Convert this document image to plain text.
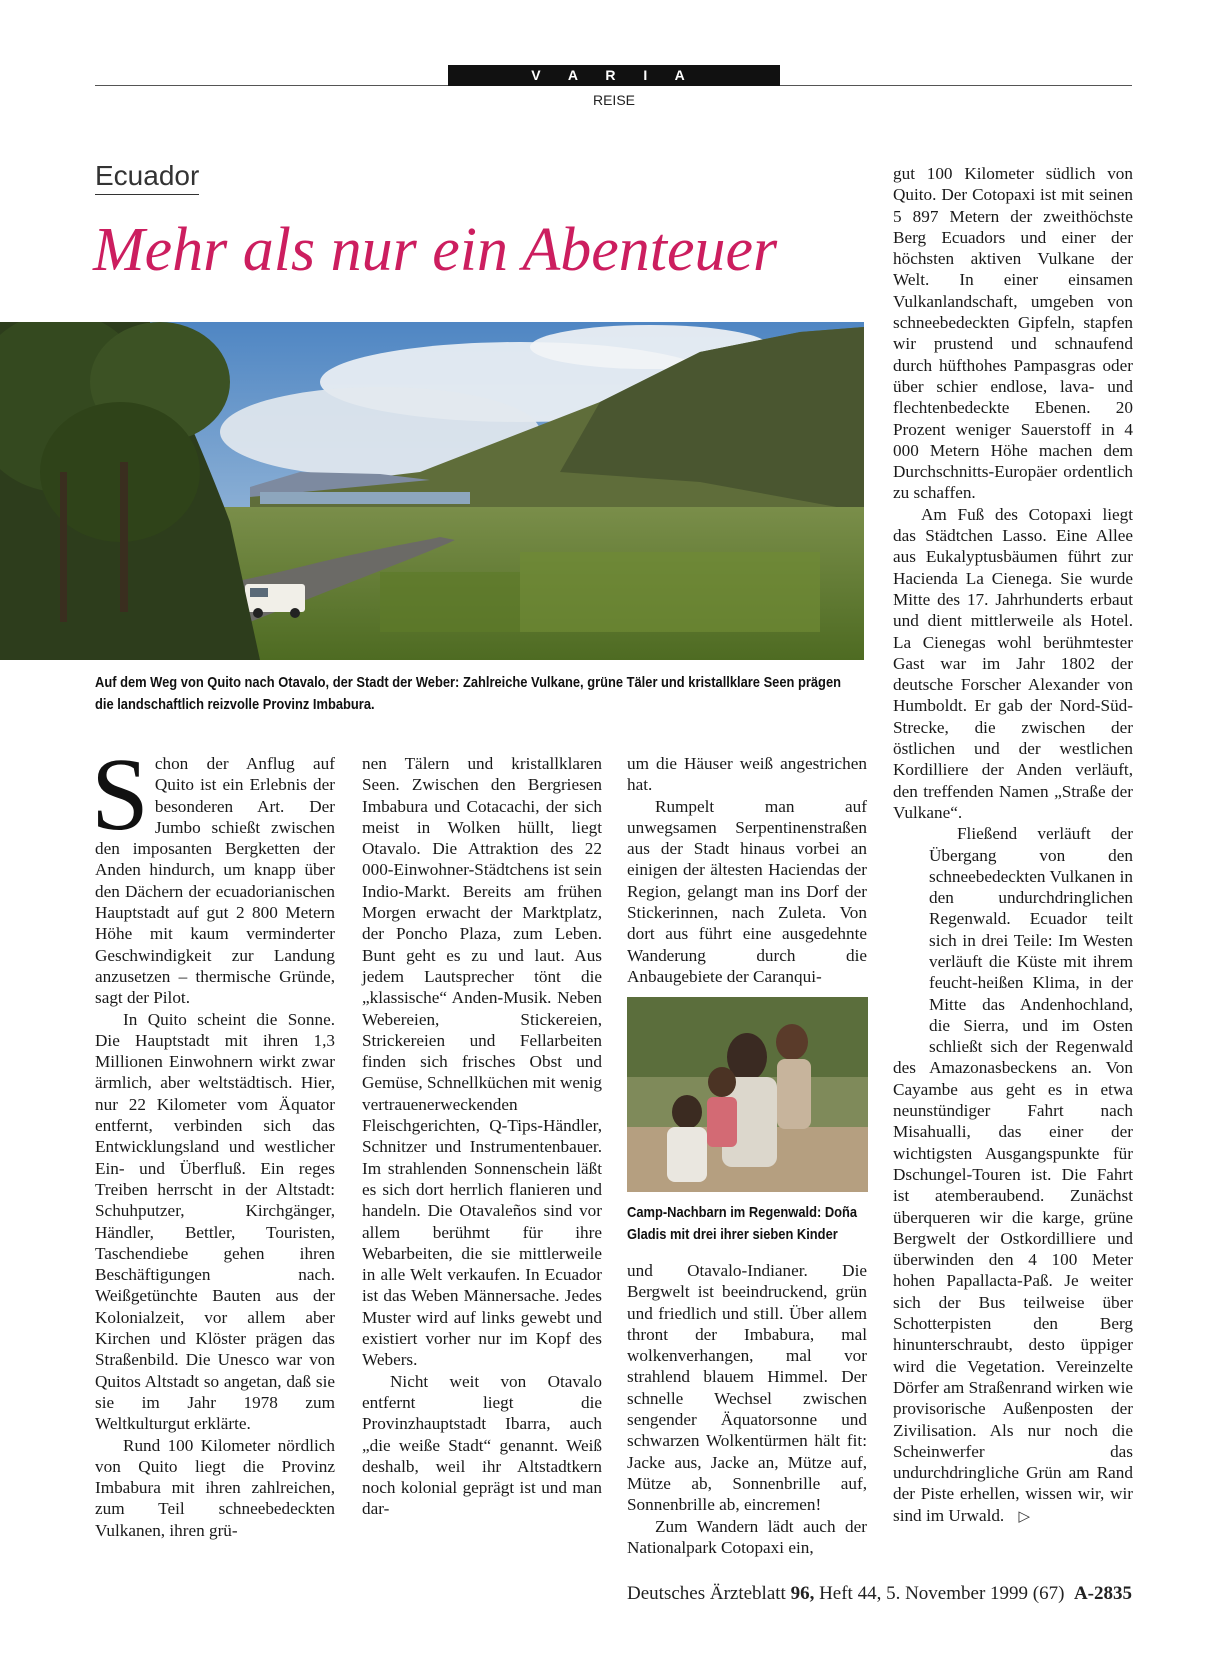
V A R I A
REISE
Ecuador
Mehr als nur ein Abenteuer
Auf dem Weg von Quito nach Otavalo, der Stadt der Weber: Zahlreiche Vulkane, grüne Täler und kristallklare Seen prägen die landschaftlich reizvolle Provinz Imbabura.

S chon der Anflug auf Quito ist ein Erlebnis der besonderen Art. Der Jumbo schießt zwischen den imposanten Bergketten der Anden hindurch, um knapp über den Dächern der ecuadorianischen Hauptstadt auf gut 2 800 Metern Höhe mit kaum verminderter Geschwindigkeit zur Landung anzusetzen – thermische Gründe, sagt der Pilot.

In Quito scheint die Sonne. Die Hauptstadt mit ihren 1,3 Millionen Einwohnern wirkt zwar ärmlich, aber weltstädtisch. Hier, nur 22 Kilometer vom Äquator entfernt, verbinden sich das Entwicklungsland und westlicher Ein- und Überfluß. Ein reges Treiben herrscht in der Altstadt: Schuhputzer, Kirchgänger, Händler, Bettler, Touristen, Taschendiebe gehen ihren Beschäftigungen nach. Weißgetünchte Bauten aus der Kolonialzeit, vor allem aber Kirchen und Klöster prägen das Straßenbild. Die Unesco war von Quitos Altstadt so angetan, daß sie sie im Jahr 1978 zum Weltkulturgut erklärte.

Rund 100 Kilometer nördlich von Quito liegt die Provinz Imbabura mit ihren zahlreichen, zum Teil schneebedeckten Vulkanen, ihren grü-

nen Tälern und kristallklaren Seen. Zwischen den Bergriesen Imbabura und Cotacachi, der sich meist in Wolken hüllt, liegt Otavalo. Die Attraktion des 22 000-Einwohner-Städtchens ist sein Indio-Markt. Bereits am frühen Morgen erwacht der Marktplatz, der Poncho Plaza, zum Leben. Bunt geht es zu und laut. Aus jedem Lautsprecher tönt die „klassische“ Anden-Musik. Neben Webereien, Stickereien, Strickereien und Fellarbeiten finden sich frisches Obst und Gemüse, Schnellküchen mit wenig vertrauenerweckenden Fleischgerichten, Q-Tips-Händler, Schnitzer und Instrumentenbauer. Im strahlenden Sonnenschein läßt es sich dort herrlich flanieren und handeln. Die Otavaleños sind vor allem berühmt für ihre Webarbeiten, die sie mittlerweile in alle Welt verkaufen. In Ecuador ist das Weben Männersache. Jedes Muster wird auf links gewebt und existiert vorher nur im Kopf des Webers.

Nicht weit von Otavalo entfernt liegt die Provinzhauptstadt Ibarra, auch „die weiße Stadt“ genannt. Weiß deshalb, weil ihr Altstadtkern noch kolonial geprägt ist und man dar-

um die Häuser weiß angestrichen hat.

Rumpelt man auf unwegsamen Serpentinenstraßen aus der Stadt hinaus vorbei an einigen der ältesten Haciendas der Region, gelangt man ins Dorf der Stickerinnen, nach Zuleta. Von dort aus führt eine ausgedehnte Wanderung durch die Anbaugebiete der Caranqui-

Camp-Nachbarn im Regenwald: Doña Gladis mit drei ihrer sieben Kinder

und Otavalo-Indianer. Die Bergwelt ist beeindruckend, grün und friedlich und still. Über allem thront der Imbabura, mal wolkenverhangen, mal vor strahlend blauem Himmel. Der schnelle Wechsel zwischen sengender Äquatorsonne und schwarzen Wolkentürmen hält fit: Jacke aus, Jacke an, Mütze auf, Mütze ab, Sonnenbrille auf, Sonnenbrille ab, eincremen!

Zum Wandern lädt auch der Nationalpark Cotopaxi ein,

gut 100 Kilometer südlich von Quito. Der Cotopaxi ist mit seinen 5 897 Metern der zweithöchste Berg Ecuadors und einer der höchsten aktiven Vulkane der Welt. In einer einsamen Vulkanlandschaft, umgeben von schneebedeckten Gipfeln, stapfen wir prustend und schnaufend durch hüfthohes Pampasgras oder über schier endlose, lava- und flechtenbedeckte Ebenen. 20 Prozent weniger Sauerstoff in 4 000 Metern Höhe machen dem Durchschnitts-Europäer ordentlich zu schaffen.

Am Fuß des Cotopaxi liegt das Städtchen Lasso. Eine Allee aus Eukalyptusbäumen führt zur Hacienda La Cienega. Sie wurde Mitte des 17. Jahrhunderts erbaut und dient mittlerweile als Hotel. La Cienegas wohl berühmtester Gast war im Jahr 1802 der deutsche Forscher Alexander von Humboldt. Er gab der Nord-Süd-Strecke, die zwischen der östlichen und der westlichen Kordilliere der Anden verläuft, den treffenden Namen „Straße der Vulkane“.

Fließend verläuft der Übergang von den schneebedeckten Vulkanen in den undurchdringlichen Regenwald. Ecuador teilt sich in drei Teile: Im Westen verläuft die Küste mit ihrem feucht-heißen Klima, in der Mitte das Andenhochland, die Sierra, und im Osten schließt sich der Regenwald des Amazonasbeckens an. Von Cayambe aus geht es in etwa neunstündiger Fahrt nach Misahualli, das einer der wichtigsten Ausgangspunkte für Dschungel-Touren ist. Die Fahrt ist atemberaubend. Zunächst überqueren wir die karge, grüne Bergwelt der Ostkordilliere und überwinden den 4 100 Meter hohen Papallacta-Paß. Je weiter sich der Bus teilweise über Schotterpisten den Berg hinunterschraubt, desto üppiger wird die Vegetation. Vereinzelte Dörfer am Straßenrand wirken wie provisorische Außenposten der Zivilisation. Als nur noch die Scheinwerfer das undurchdringliche Grün am Rand der Piste erhellen, wissen wir, wir sind im Urwald. ▷

Deutsches Ärzteblatt 96, Heft 44, 5. November 1999 (67) A-2835
